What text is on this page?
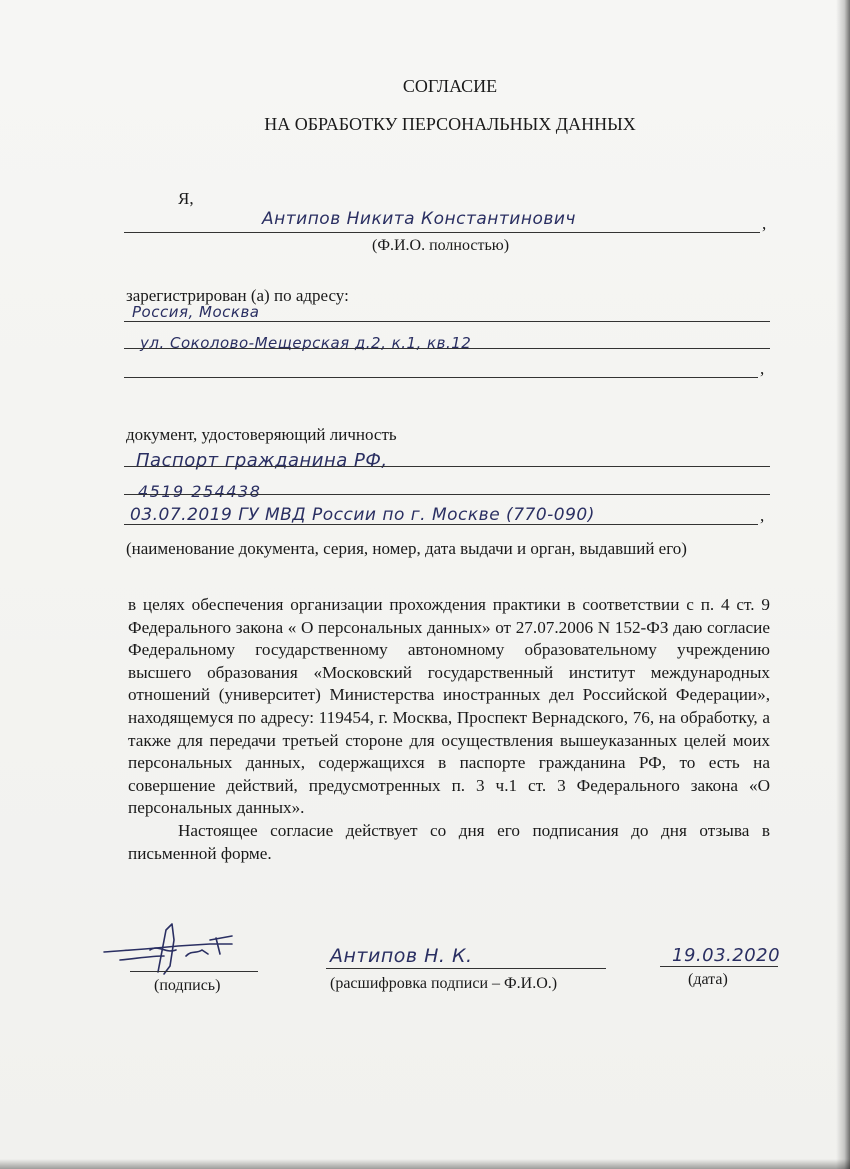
СОГЛАСИЕ
НА ОБРАБОТКУ ПЕРСОНАЛЬНЫХ ДАННЫХ
Я,
Антипов Никита Константинович	,
(Ф.И.О. полностью)
зарегистрирован (а) по адресу:
Россия, Москва
ул. Соколово-Мещерская д.2, к.1, кв.12
,
документ, удостоверяющий личность
Паспорт гражданина РФ,
4519 254438
03.07.2019 ГУ МВД России по г. Москве (770-090)	,
(наименование документа, серия, номер, дата выдачи и орган, выдавший его)

в целях обеспечения организации прохождения практики в соответствии с п. 4 ст. 9 Федерального закона « О персональных данных» от 27.07.2006 N 152-ФЗ даю согласие Федеральному государственному автономному образовательному учреждению высшего образования «Московский государственный институт международных отношений (университет) Министерства иностранных дел Российской Федерации», находящемуся по адресу: 119454, г. Москва, Проспект Вернадского, 76, на обработку, а также для передачи третьей стороне для осуществления вышеуказанных целей моих персональных данных, содержащихся в паспорте гражданина РФ, то есть на совершение действий, предусмотренных п. 3 ч.1 ст. 3 Федерального закона «О персональных данных».

Настоящее согласие действует со дня его подписания до дня отзыва в письменной форме.

(подпись)
Антипов Н. К.
(расшифровка подписи – Ф.И.О.)
19.03.2020
(дата)
